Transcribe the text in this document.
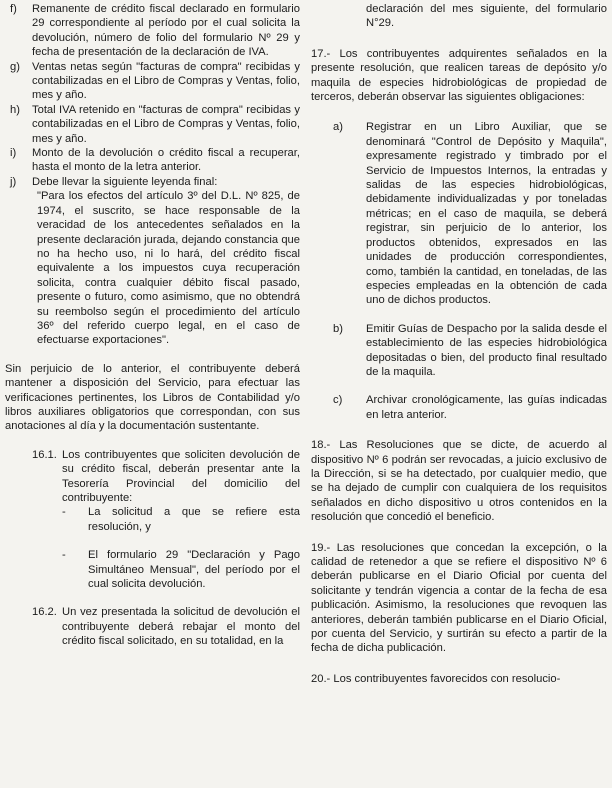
f)	Remanente de crédito fiscal declarado en formulario 29 correspondiente al período por el cual solicita la devolución, número de folio del formulario Nº 29 y fecha de presentación de la declaración de IVA.
g)	Ventas netas según "facturas de compra" recibidas y contabilizadas en el Libro de Compras y Ventas, folio, mes y año.
h)	Total IVA retenido en "facturas de compra" recibidas y contabilizadas en el Libro de Compras y Ventas, folio, mes y año.
i)	Monto de la devolución o crédito fiscal a recuperar, hasta el monto de la letra anterior.
j)	Debe llevar la siguiente leyenda final:

"Para los efectos del artículo 3º del D.L. Nº 825, de 1974, el suscrito, se hace responsable de la veracidad de los antecedentes señalados en la presente declaración jurada, dejando constancia que no ha hecho uso, ni lo hará, del crédito fiscal equivalente a los impuestos cuya recuperación solicita, contra cualquier débito fiscal pasado, presente o futuro, como asimismo, que no obtendrá su reembolso según el procedimiento del artículo 36º del referido cuerpo legal, en el caso de efectuarse exportaciones".

Sin perjuicio de lo anterior, el contribuyente deberá mantener a disposición del Servicio, para efectuar las verificaciones pertinentes, los Libros de Contabilidad y/o libros auxiliares obligatorios que correspondan, con sus anotaciones al día y la documentación sustentante.

16.1. Los contribuyentes que soliciten devolución de su crédito fiscal, deberán presentar ante la Tesorería Provincial del domicilio del contribuyente:
-	La solicitud a que se refiere esta resolución, y
-	El formulario 29 "Declaración y Pago Simultáneo Mensual", del período por el cual solicita devolución.
16.2. Un vez presentada la solicitud de devolución el contribuyente deberá rebajar el monto del crédito fiscal solicitado, en su totalidad, en la
declaración del mes siguiente, del formulario N°29.

17.- Los contribuyentes adquirentes señalados en la presente resolución, que realicen tareas de depósito y/o maquila de especies hidrobiológicas de propiedad de terceros, deberán observar las siguientes obligaciones:

a)	Registrar en un Libro Auxiliar, que se denominará "Control de Depósito y Maquila", expresamente registrado y timbrado por el Servicio de Impuestos Internos, la entradas y salidas de las especies hidrobiológicas, debidamente individualizadas y por toneladas métricas; en el caso de maquila, se deberá registrar, sin perjuicio de lo anterior, los productos obtenidos, expresados en las unidades de producción correspondientes, como, también la cantidad, en toneladas, de las especies empleadas en la obtención de cada uno de dichos productos.
b)	Emitir Guías de Despacho por la salida desde el establecimiento de las especies hidrobiológica depositadas o bien, del producto final resultado de la maquila.
c)	Archivar cronológicamente, las guías indicadas en letra anterior.

18.- Las Resoluciones que se dicte, de acuerdo al dispositivo Nº 6 podrán ser revocadas, a juicio exclusivo de la Dirección, si se ha detectado, por cualquier medio, que se ha dejado de cumplir con cualquiera de los requisitos señalados en dicho dispositivo u otros contenidos en la resolución que concedió el beneficio.

19.- Las resoluciones que concedan la excepción, o la calidad de retenedor a que se refiere el dispositivo Nº 6 deberán publicarse en el Diario Oficial por cuenta del solicitante y tendrán vigencia a contar de la fecha de esa publicación. Asimismo, la resoluciones que revoquen las anteriores, deberán también publicarse en el Diario Oficial, por cuenta del Servicio, y surtirán su efecto a partir de la fecha de dicha publicación.

20.- Los contribuyentes favorecidos con resolucio-
